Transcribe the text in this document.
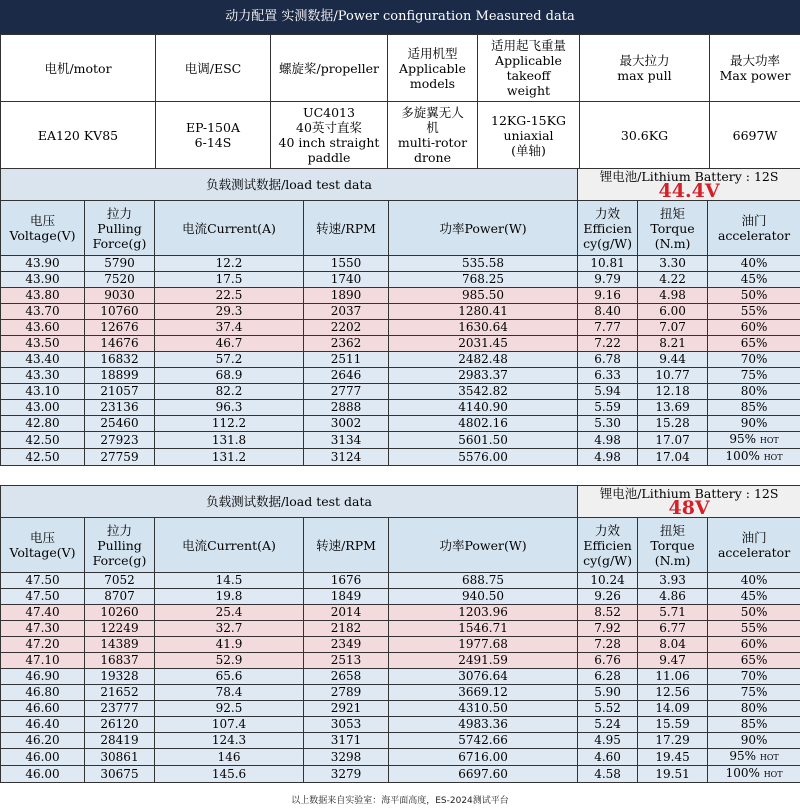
动力配置 实测数据/Power configuration Measured data
电机/motor	电调/ESC	螺旋桨/propeller	适用机型
Applicable
models	适用起飞重量
Applicable
takeoff
weight	最大拉力
max pull	最大功率
Max power
EA120 KV85	EP-150A
6-14S	UC4013
40英寸直桨
40 inch straight
paddle	多旋翼无人
机
multi-rotor
drone	12KG-15KG
uniaxial
(单轴)	30.6KG	6697W
负载测试数据/load test data					锂电池/Lithium Battery : 12S 44.4V		
电压
Voltage(V)	拉力
Pulling
Force(g)	电流Current(A)	转速/RPM	功率Power(W)	力效
Efficien
cy(g/W)	扭矩
Torque
(N.m)	油门
accelerator
43.90	5790	12.2	1550	535.58	10.81	3.30	40%
43.90	7520	17.5	1740	768.25	9.79	4.22	45%
43.80	9030	22.5	1890	985.50	9.16	4.98	50%
43.70	10760	29.3	2037	1280.41	8.40	6.00	55%
43.60	12676	37.4	2202	1630.64	7.77	7.07	60%
43.50	14676	46.7	2362	2031.45	7.22	8.21	65%
43.40	16832	57.2	2511	2482.48	6.78	9.44	70%
43.30	18899	68.9	2646	2983.37	6.33	10.77	75%
43.10	21057	82.2	2777	3542.82	5.94	12.18	80%
43.00	23136	96.3	2888	4140.90	5.59	13.69	85%
42.80	25460	112.2	3002	4802.16	5.30	15.28	90%
42.50	27923	131.8	3134	5601.50	4.98	17.07	95% HOT
42.50	27759	131.2	3124	5576.00	4.98	17.04	100% HOT
负载测试数据/load test data					锂电池/Lithium Battery : 12S 48V		
电压
Voltage(V)	拉力
Pulling
Force(g)	电流Current(A)	转速/RPM	功率Power(W)	力效
Efficien
cy(g/W)	扭矩
Torque
(N.m)	油门
accelerator
47.50	7052	14.5	1676	688.75	10.24	3.93	40%
47.50	8707	19.8	1849	940.50	9.26	4.86	45%
47.40	10260	25.4	2014	1203.96	8.52	5.71	50%
47.30	12249	32.7	2182	1546.71	7.92	6.77	55%
47.20	14389	41.9	2349	1977.68	7.28	8.04	60%
47.10	16837	52.9	2513	2491.59	6.76	9.47	65%
46.90	19328	65.6	2658	3076.64	6.28	11.06	70%
46.80	21652	78.4	2789	3669.12	5.90	12.56	75%
46.60	23777	92.5	2921	4310.50	5.52	14.09	80%
46.40	26120	107.4	3053	4983.36	5.24	15.59	85%
46.20	28419	124.3	3171	5742.66	4.95	17.29	90%
46.00	30861	146	3298	6716.00	4.60	19.45	95% HOT
46.00	30675	145.6	3279	6697.60	4.58	19.51	100% HOT
以上数据来自实验室：海平面高度，ES-2024测试平台
